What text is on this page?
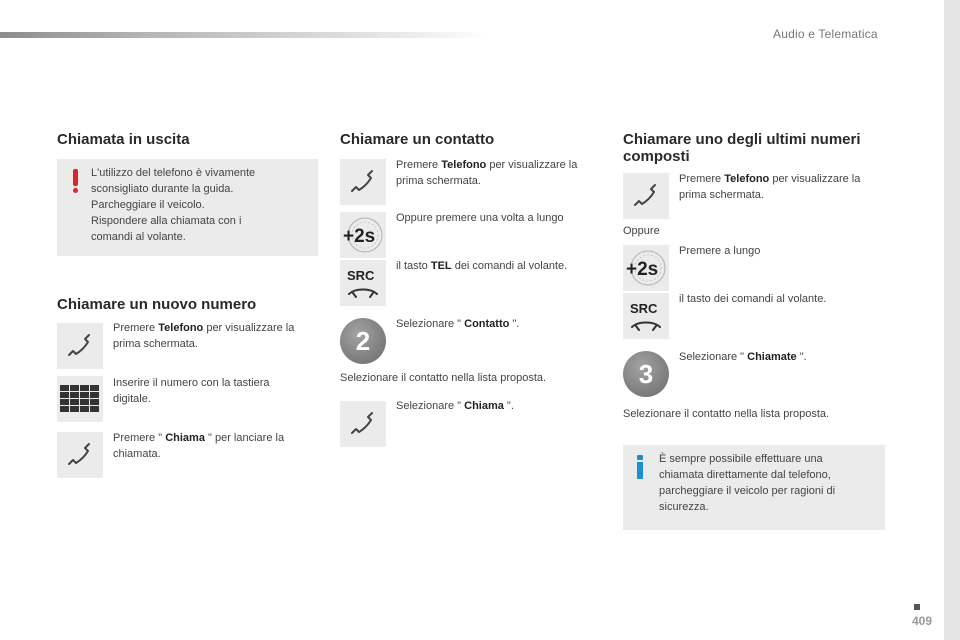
Audio e Telematica
Chiamata in uscita
L'utilizzo del telefono è vivamente
sconsigliato durante la guida.
Parcheggiare il veicolo.
Rispondere alla chiamata con i
comandi al volante.
Chiamare un nuovo numero
Premere Telefono per visualizzare la
prima schermata.
Inserire il numero con la tastiera
digitale.
Premere " Chiama " per lanciare la
chiamata.
Chiamare un contatto
Premere Telefono per visualizzare la
prima schermata.
+2s
Oppure premere una volta a lungo
SRC
il tasto TEL dei comandi al volante.
2
Selezionare " Contatto ".
Selezionare il contatto nella lista proposta.
Selezionare " Chiama ".
Chiamare uno degli ultimi numeri
composti
Premere Telefono per visualizzare la
prima schermata.
Oppure
+2s
Premere a lungo
SRC
il tasto dei comandi al volante.
3
Selezionare " Chiamate ".
Selezionare il contatto nella lista proposta.
È sempre possibile effettuare una
chiamata direttamente dal telefono,
parcheggiare il veicolo per ragioni di
sicurezza.
409
